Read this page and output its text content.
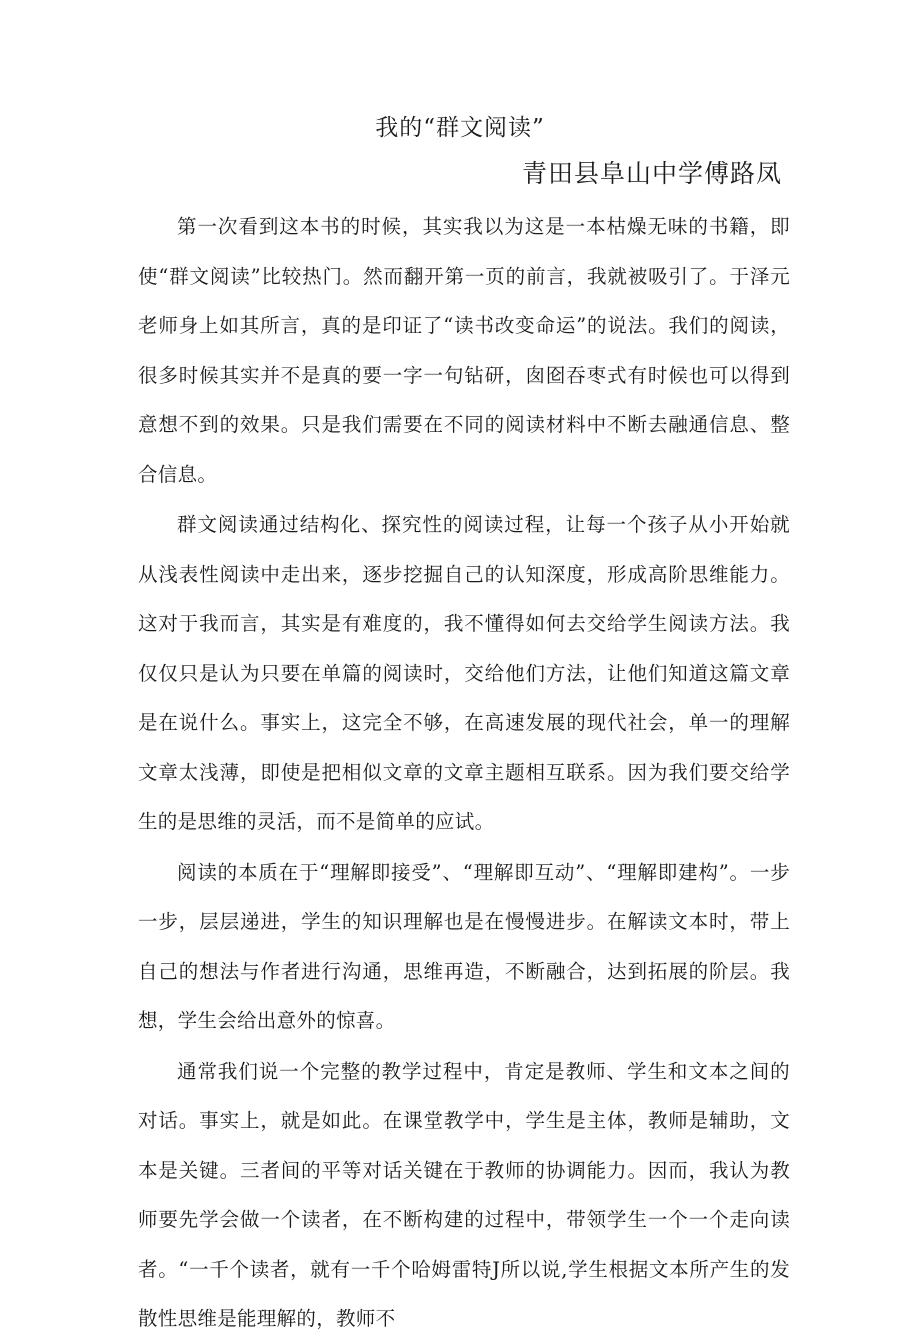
我的“群文阅读”
青田县阜山中学傅路凤

第一次看到这本书的时候，其实我以为这是一本枯燥无味的书籍，即使“群文阅读”比较热门。然而翻开第一页的前言，我就被吸引了。于泽元老师身上如其所言，真的是印证了“读书改变命运”的说法。我们的阅读，很多时候其实并不是真的要一字一句钻研，囱囵吞枣式有时候也可以得到意想不到的效果。只是我们需要在不同的阅读材料中不断去融通信息、整合信息。

群文阅读通过结构化、探究性的阅读过程，让每一个孩子从小开始就从浅表性阅读中走出来，逐步挖掘自己的认知深度，形成高阶思维能力。这对于我而言，其实是有难度的，我不懂得如何去交给学生阅读方法。我仅仅只是认为只要在单篇的阅读时，交给他们方法，让他们知道这篇文章是在说什么。事实上，这完全不够，在高速发展的现代社会，单一的理解文章太浅薄，即使是把相似文章的文章主题相互联系。因为我们要交给学生的是思维的灵活，而不是简单的应试。

阅读的本质在于“理解即接受”、“理解即互动”、“理解即建构”。一步一步，层层递进，学生的知识理解也是在慢慢进步。在解读文本时，带上自己的想法与作者进行沟通，思维再造，不断融合，达到拓展的阶层。我想，学生会给出意外的惊喜。

通常我们说一个完整的教学过程中，肯定是教师、学生和文本之间的对话。事实上，就是如此。在课堂教学中，学生是主体，教师是辅助，文本是关键。三者间的平等对话关键在于教师的协调能力。因而，我认为教师要先学会做一个读者，在不断构建的过程中，带领学生一个一个走向读者。“一千个读者，就有一千个哈姆雷特J所以说,学生根据文本所产生的发散性思维是能理解的，教师不
